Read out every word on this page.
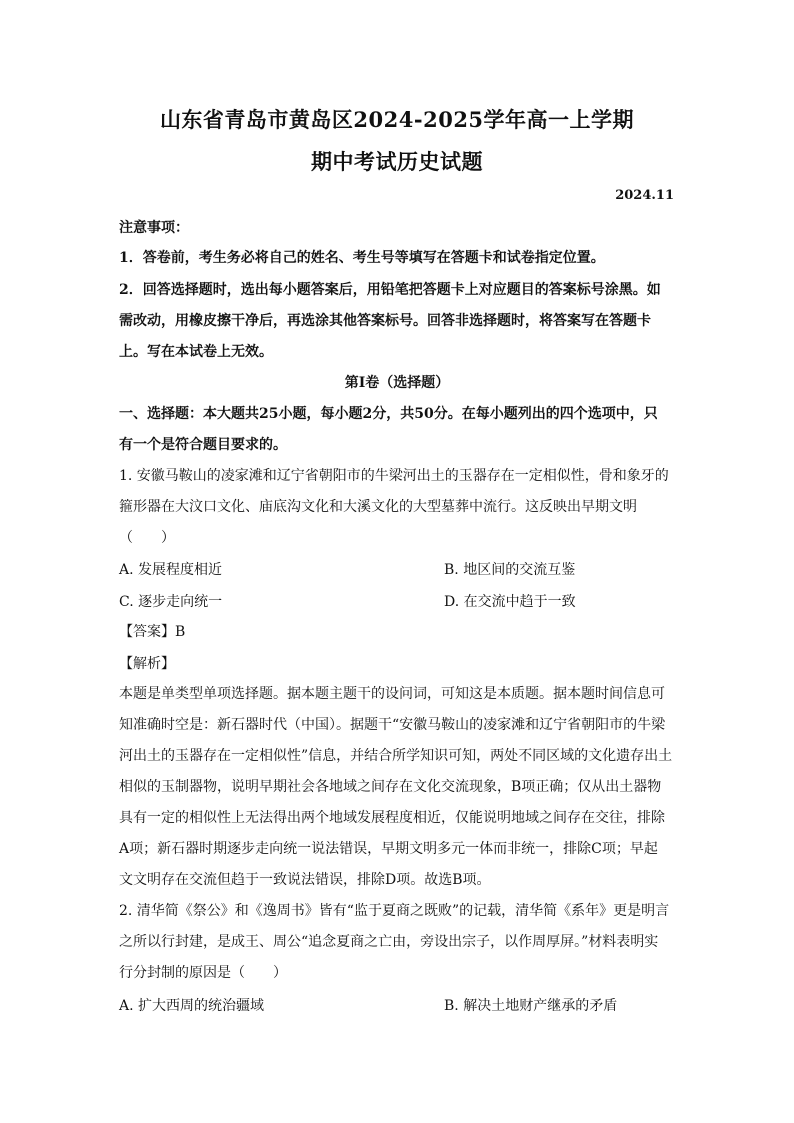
山东省青岛市黄岛区2024-2025学年高一上学期
期中考试历史试题
2024.11
注意事项：
1．答卷前，考生务必将自己的姓名、考生号等填写在答题卡和试卷指定位置。
2．回答选择题时，选出每小题答案后，用铅笔把答题卡上对应题目的答案标号涂黑。如
需改动，用橡皮擦干净后，再选涂其他答案标号。回答非选择题时，将答案写在答题卡
上。写在本试卷上无效。
第Ⅰ卷（选择题）
一、选择题：本大题共25小题，每小题2分，共50分。在每小题列出的四个选项中，只
有一个是符合题目要求的。
1. 安徽马鞍山的凌家滩和辽宁省朝阳市的牛梁河出土的玉器存在一定相似性，骨和象牙的
箍形器在大汶口文化、庙底沟文化和大溪文化的大型墓葬中流行。这反映出早期文明
（　　）
A. 发展程度相近	B. 地区间的交流互鉴
C. 逐步走向统一	D. 在交流中趋于一致
【答案】B
【解析】
本题是单类型单项选择题。据本题主题干的设问词，可知这是本质题。据本题时间信息可
知准确时空是：新石器时代（中国）。据题干“安徽马鞍山的凌家滩和辽宁省朝阳市的牛梁
河出土的玉器存在一定相似性”信息，并结合所学知识可知，两处不同区域的文化遗存出土
相似的玉制器物，说明早期社会各地域之间存在文化交流现象，B项正确；仅从出土器物
具有一定的相似性上无法得出两个地域发展程度相近，仅能说明地域之间存在交往，排除
A项；新石器时期逐步走向统一说法错误，早期文明多元一体而非统一，排除C项；早起
文文明存在交流但趋于一致说法错误，排除D项。故选B项。
2. 清华简《祭公》和《逸周书》皆有“监于夏商之既败”的记载，清华简《系年》更是明言
之所以行封建，是成王、周公“追念夏商之亡由，旁设出宗子，以作周厚屏。”材料表明实
行分封制的原因是（　　）
A. 扩大西周的统治疆域	B. 解决土地财产继承的矛盾
